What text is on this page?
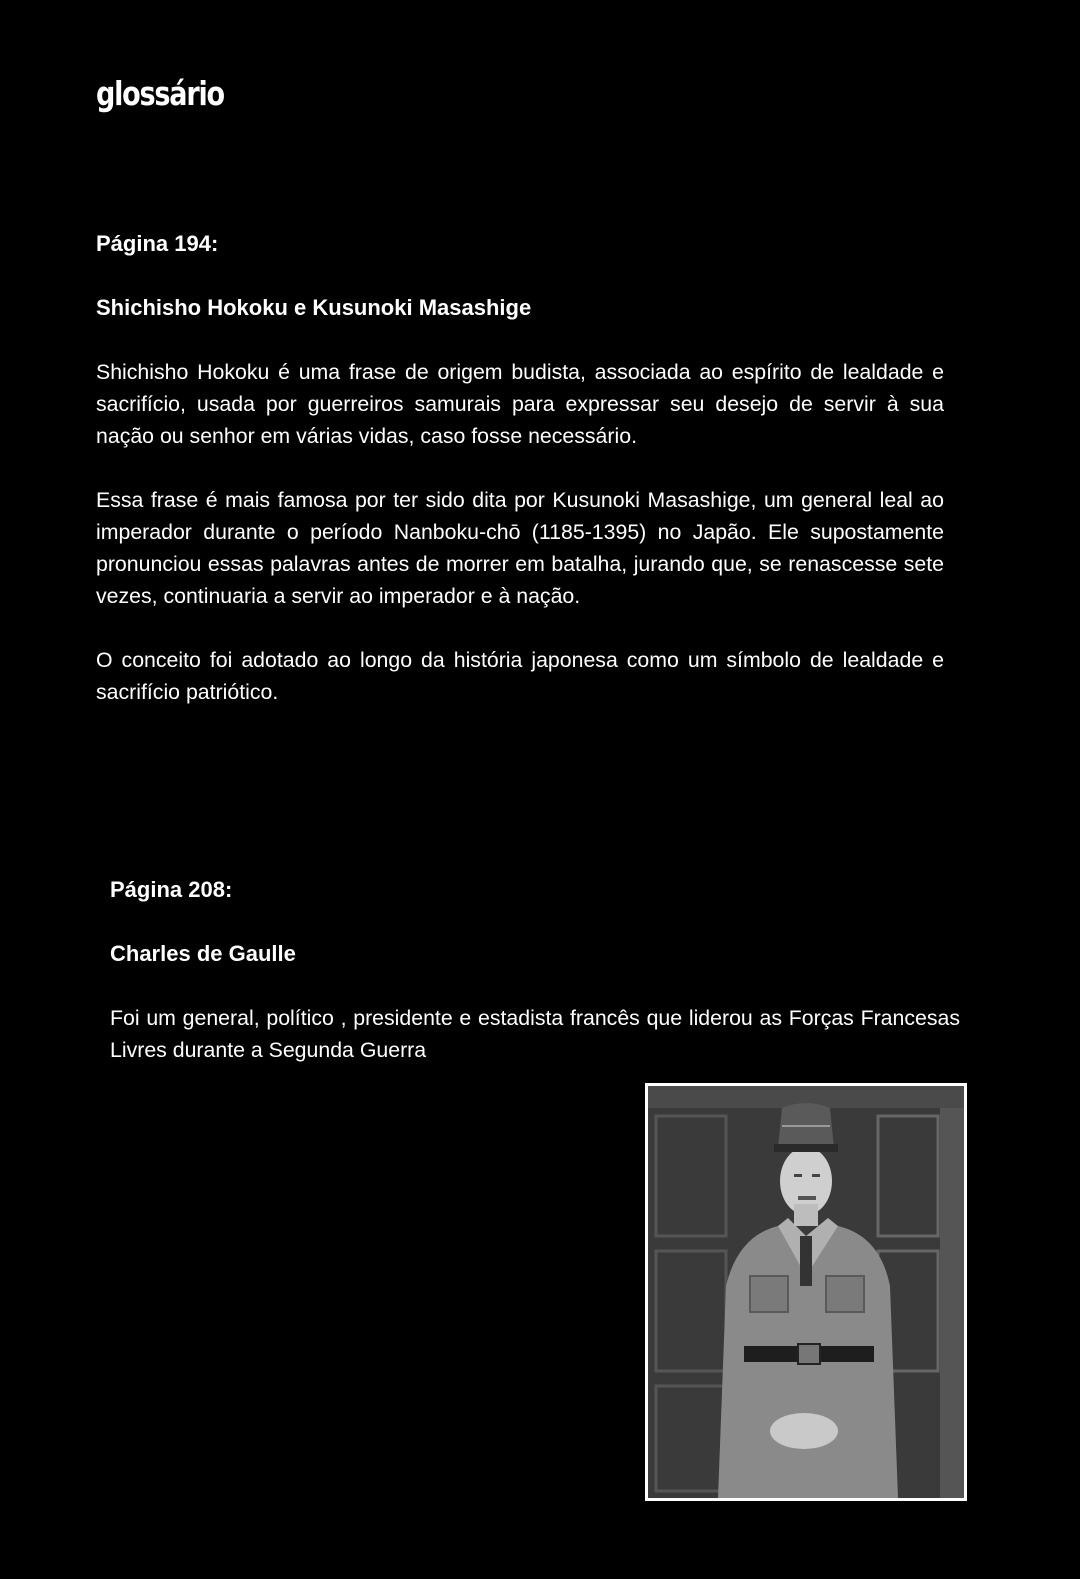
glossário

Página 194:

Shichisho Hokoku e Kusunoki Masashige

Shichisho Hokoku é uma frase de origem budista, associada ao espírito de lealdade e sacrifício, usada por guerreiros samurais para expressar seu desejo de servir à sua nação ou senhor em várias vidas, caso fosse necessário.

Essa frase é mais famosa por ter sido dita por Kusunoki Masashige, um general leal ao imperador durante o período Nanboku-chō (1185-1395) no Japão. Ele supostamente pronunciou essas palavras antes de morrer em batalha, jurando que, se renascesse sete vezes, continuaria a servir ao imperador e à nação.

O conceito foi adotado ao longo da história japonesa como um símbolo de lealdade e sacrifício patriótico.

Página 208:

Charles de Gaulle

Foi um general, político , presidente e estadista francês que liderou as Forças Francesas Livres durante a Segunda Guerra
